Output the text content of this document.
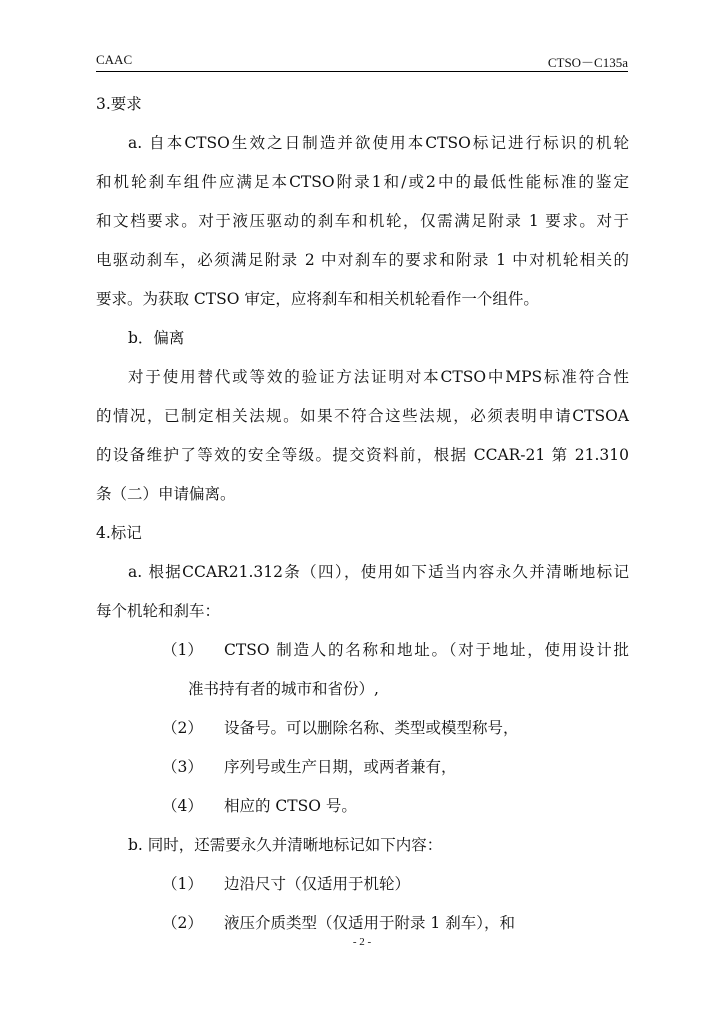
CAAC	CTSO－C135a
3.要求
a. 自本CTSO生效之日制造并欲使用本CTSO标记进行标识的机轮
和机轮刹车组件应满足本CTSO附录1和/或2中的最低性能标准的鉴定
和文档要求。对于液压驱动的刹车和机轮，仅需满足附录 1 要求。对于
电驱动刹车，必须满足附录 2 中对刹车的要求和附录 1 中对机轮相关的
要求。为获取 CTSO 审定，应将刹车和相关机轮看作一个组件。
b．偏离
对于使用替代或等效的验证方法证明对本CTSO中MPS标准符合性
的情况，已制定相关法规。如果不符合这些法规，必须表明申请CTSOA
的设备维护了等效的安全等级。提交资料前，根据 CCAR-21 第 21.310
条（二）申请偏离。
4.标记
a. 根据CCAR21.312条（四），使用如下适当内容永久并清晰地标记
每个机轮和刹车：
（1） CTSO 制造人的名称和地址。（对于地址，使用设计批
准书持有者的城市和省份）,
（2） 设备号。可以删除名称、类型或模型称号，
（3） 序列号或生产日期，或两者兼有，
（4） 相应的 CTSO 号。
b. 同时，还需要永久并清晰地标记如下内容：
（1） 边沿尺寸（仅适用于机轮）
（2） 液压介质类型（仅适用于附录 1 刹车），和
- 2 -
